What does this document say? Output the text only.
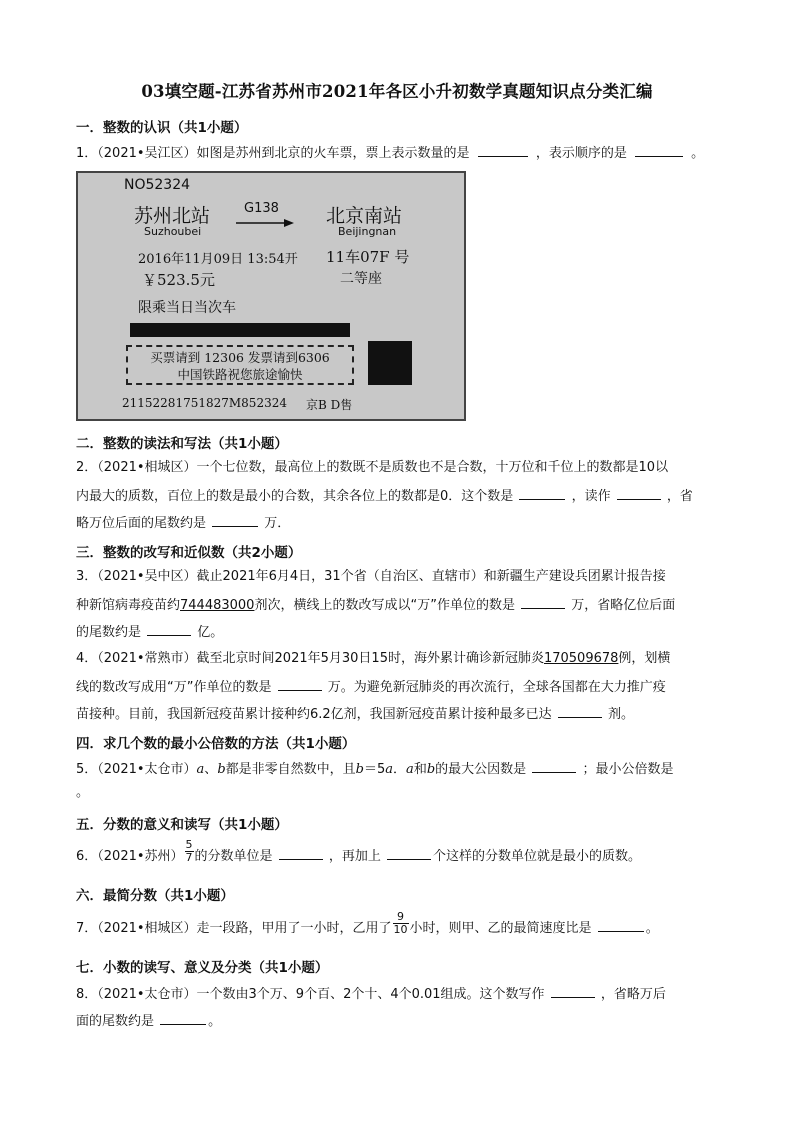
03填空题-江苏省苏州市2021年各区小升初数学真题知识点分类汇编
一．整数的认识（共1小题）
1．（2021•吴江区）如图是苏州到北京的火车票，票上表示数量的是	，表示顺序的是	。
NO52324
苏州北站
Suzhoubei
G138 北京南站
Beijingnan
2016年11月09日 13:54开 11车07F 号
￥523.5元	二等座
限乘当日当次车
买票请到 12306 发票请到6306
中国铁路祝您旅途愉快
21152281751827M852324 京B D售
二．整数的读法和写法（共1小题）
2．（2021•相城区）一个七位数，最高位上的数既不是质数也不是合数，十万位和千位上的数都是10以
内最大的质数，百位上的数是最小的合数，其余各位上的数都是0．这个数是	，读作	，省
略万位后面的尾数约是	万．
三．整数的改写和近似数（共2小题）
3．（2021•吴中区）截止2021年6月4日，31个省（自治区、直辖市）和新疆生产建设兵团累计报告接
种新馆病毒疫苗约744483000剂次，横线上的数改写成以“万”作单位的数是	万，省略亿位后面
的尾数约是	亿。
4．（2021•常熟市）截至北京时间2021年5月30日15时，海外累计确诊新冠肺炎170509678例，划横
线的数改写成用“万”作单位的数是	万。为避免新冠肺炎的再次流行，全球各国都在大力推广疫
苗接种。目前，我国新冠疫苗累计接种约6.2亿剂，我国新冠疫苗累计接种最多已达	剂。
四．求几个数的最小公倍数的方法（共1小题）
5．（2021•太仓市）a、b都是非零自然数中，且b＝5a．a和b的最大公因数是	；最小公倍数是
。
五．分数的意义和读写（共1小题）
6．（2021•苏州） $\frac{5}{7}$ 的分数单位是	，再加上	个这样的分数单位就是最小的质数。
六．最简分数（共1小题）
7．（2021•相城区）走一段路，甲用了一小时，乙用了 $\frac{9}{10}$ 小时，则甲、乙的最简速度比是	。
七．小数的读写、意义及分类（共1小题）
8．（2021•太仓市）一个数由3个万、9个百、2个十、4个0.01组成。这个数写作	，省略万后
面的尾数约是	。
